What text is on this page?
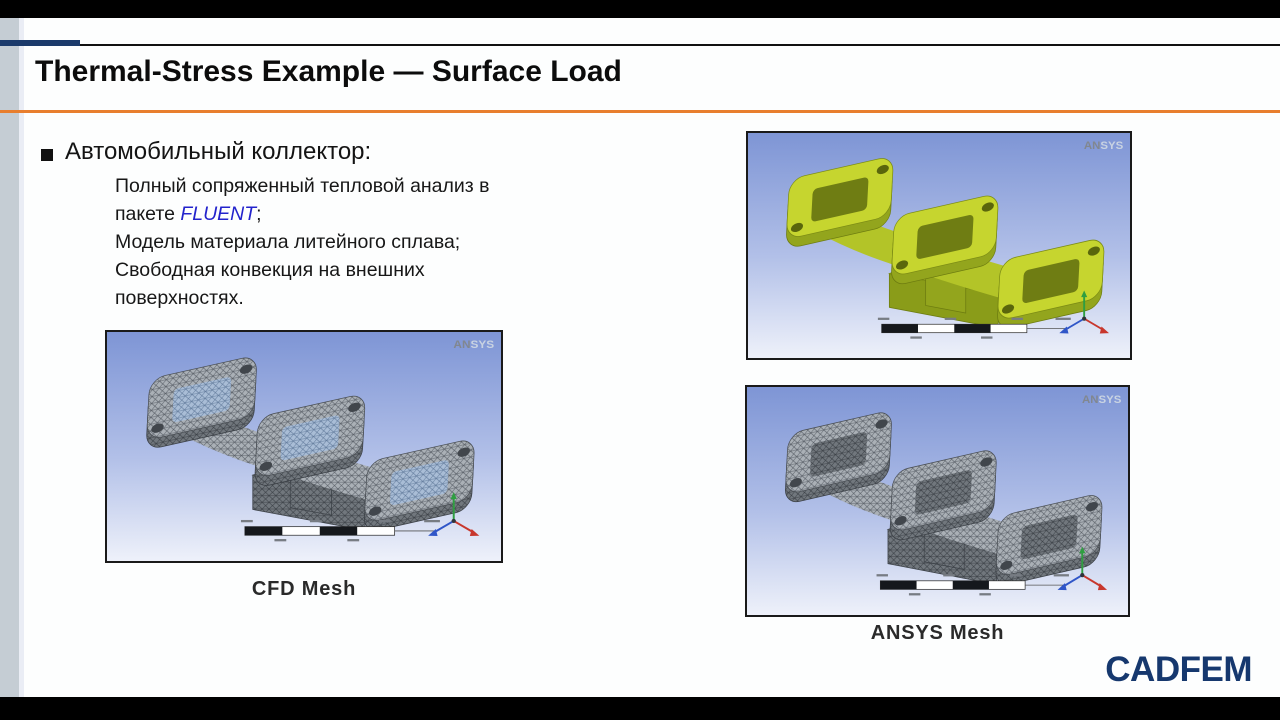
Thermal-Stress Example — Surface Load
Автомобильный коллектор:
Полный сопряженный тепловой анализ в
пакете FLUENT;
Модель материала литейного сплава;
Свободная конвекция на внешних
поверхностях.
ANSYS
CFD Mesh
ANSYS
ANSYS
ANSYS Mesh
CADFEM
